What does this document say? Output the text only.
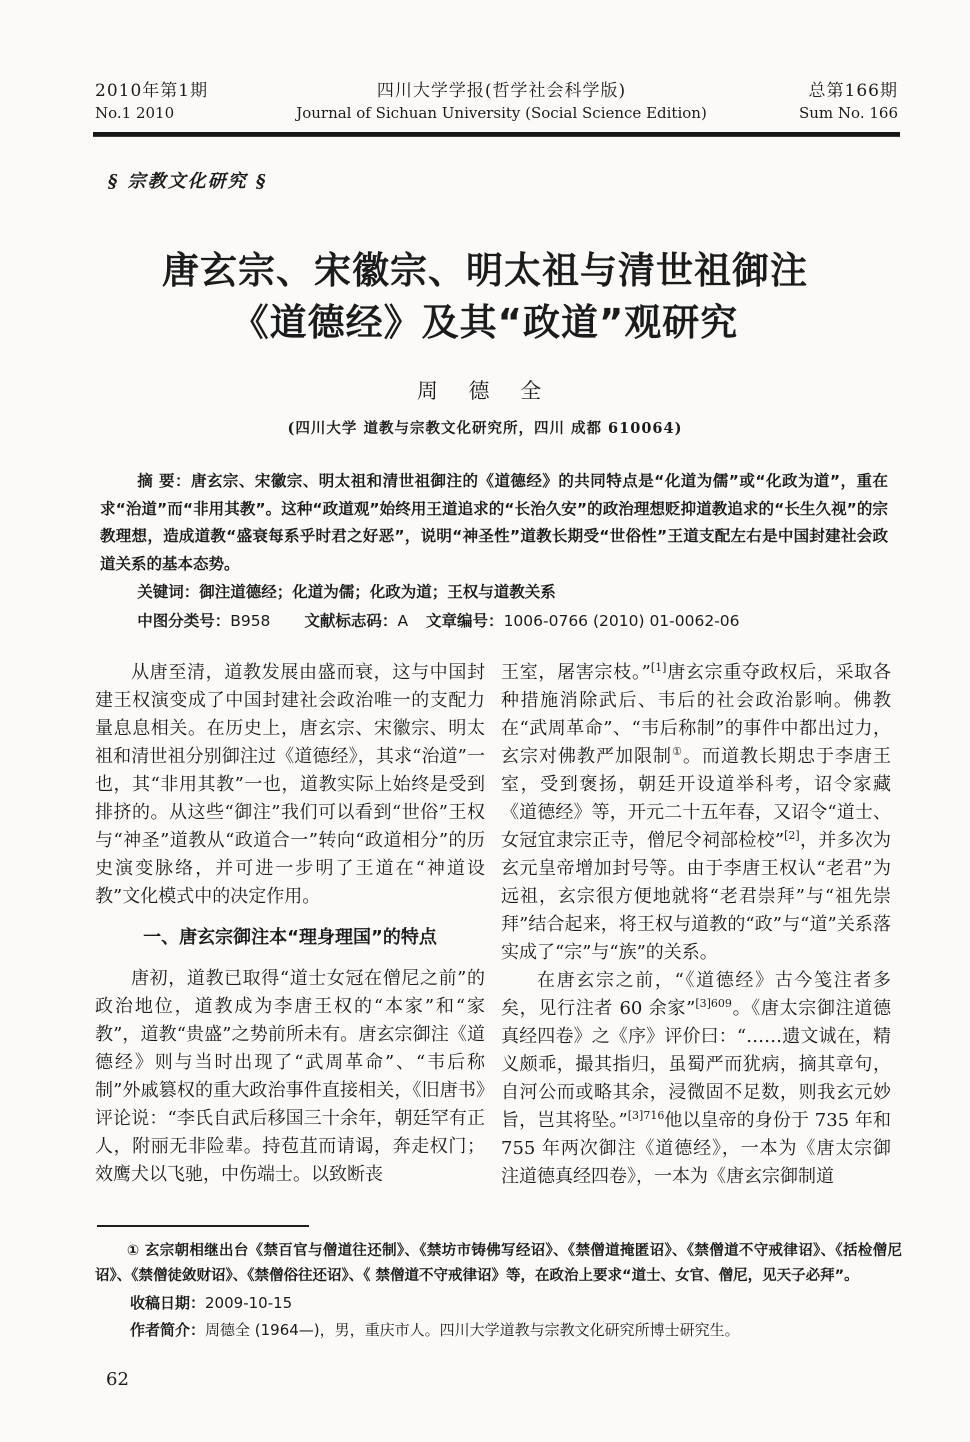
2010年第1期
No.1 2010
四川大学学报(哲学社会科学版)
Journal of Sichuan University (Social Science Edition)
总第166期
Sum No. 166
§ 宗教文化研究 §
唐玄宗、宋徽宗、明太祖与清世祖御注
《道德经》及其“政道”观研究
周 德 全
(四川大学 道教与宗教文化研究所，四川 成都 610064)
摘 要：唐玄宗、宋徽宗、明太祖和清世祖御注的《道德经》的共同特点是“化道为儒”或“化政为道”，重在求“治道”而“非用其教”。这种“政道观”始终用王道追求的“长治久安”的政治理想贬抑道教追求的“长生久视”的宗教理想，造成道教“盛衰每系乎时君之好恶”，说明“神圣性”道教长期受“世俗性”王道支配左右是中国封建社会政道关系的基本态势。
关键词：御注道德经；化道为儒；化政为道；王权与道教关系
中图分类号：B958 文献标志码：A 文章编号：1006-0766 (2010) 01-0062-06

从唐至清，道教发展由盛而衰，这与中国封建王权演变成了中国封建社会政治唯一的支配力量息息相关。在历史上，唐玄宗、宋徽宗、明太祖和清世祖分别御注过《道德经》，其求“治道”一也，其“非用其教”一也，道教实际上始终是受到排挤的。从这些“御注”我们可以看到“世俗”王权与“神圣”道教从“政道合一”转向“政道相分”的历史演变脉络，并可进一步明了王道在“神道设教”文化模式中的决定作用。

一、唐玄宗御注本“理身理国”的特点

唐初，道教已取得“道士女冠在僧尼之前”的政治地位，道教成为李唐王权的“本家”和“家教”，道教“贵盛”之势前所未有。唐玄宗御注《道德经》则与当时出现了“武周革命”、“韦后称制”外戚篡权的重大政治事件直接相关，《旧唐书》评论说：“李氏自武后移国三十余年，朝廷罕有正人，附丽无非险辈。持苞苴而请谒，奔走权门；效鹰犬以飞驰，中伤端士。以致断丧

王室，屠害宗枝。”[1]唐玄宗重夺政权后，采取各种措施消除武后、韦后的社会政治影响。佛教在“武周革命”、“韦后称制”的事件中都出过力，玄宗对佛教严加限制①。而道教长期忠于李唐王室，受到褒扬，朝廷开设道举科考，诏令家藏《道德经》等，开元二十五年春，又诏令“道士、女冠宜隶宗正寺，僧尼令祠部检校”[2]，并多次为玄元皇帝增加封号等。由于李唐王权认“老君”为远祖，玄宗很方便地就将“老君崇拜”与“祖先崇拜”结合起来，将王权与道教的“政”与“道”关系落实成了“宗”与“族”的关系。

在唐玄宗之前，“《道德经》古今笺注者多矣，见行注者 60 余家”$^{[3]609}$。《唐太宗御注道德真经四卷》之《序》评价曰：“……遗文诚在，精义颇乖，撮其指归，虽蜀严而犹病，摘其章句，自河公而或略其余，浸微固不足数，则我玄元妙旨，岂其将坠。”$^{[3]716}$他以皇帝的身份于 735 年和 755 年两次御注《道德经》，一本为《唐太宗御注道德真经四卷》，一本为《唐玄宗御制道

① 玄宗朝相继出台《禁百官与僧道往还制》、《禁坊市铸佛写经诏》、《禁僧道掩匿诏》、《禁僧道不守戒律诏》、《括检僧尼诏》、《禁僧徒敛财诏》、《禁僧俗往还诏》、《 禁僧道不守戒律诏》等，在政治上要求“道士、女官、僧尼，见天子必拜”。
收稿日期：2009-10-15
作者简介：周德全 (1964—)，男，重庆市人。四川大学道教与宗教文化研究所博士研究生。
62
